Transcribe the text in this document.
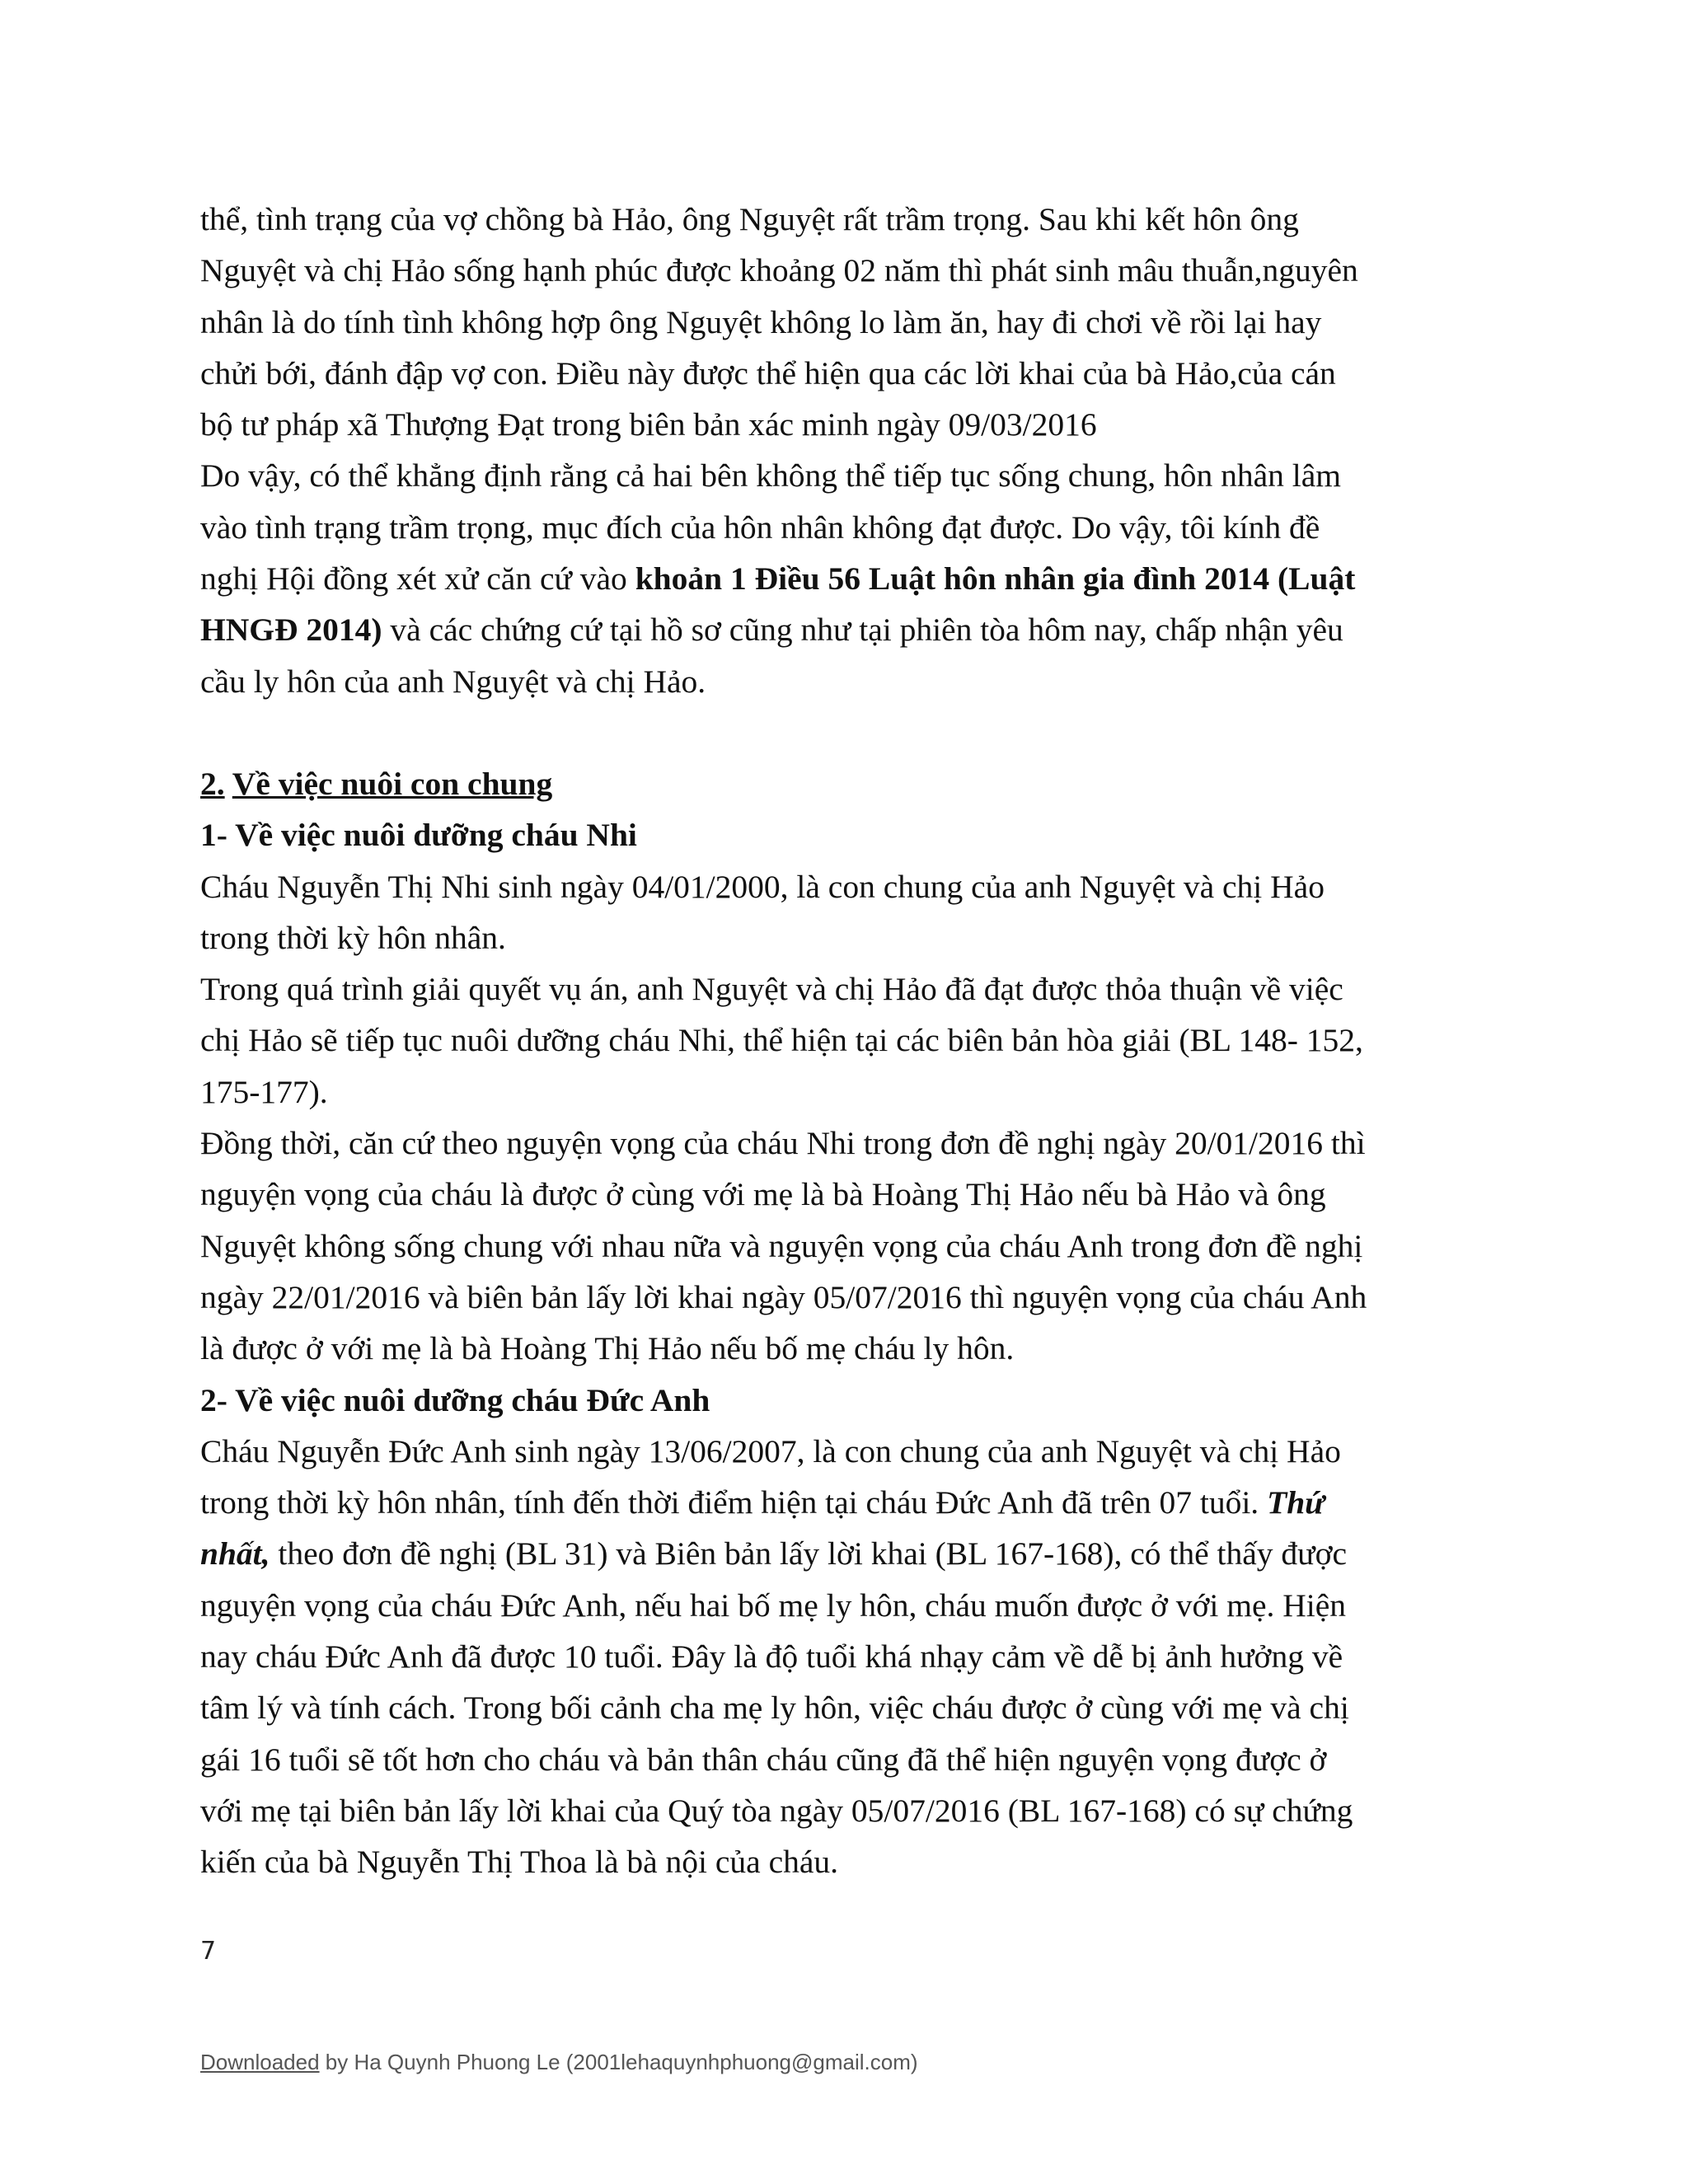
thể, tình trạng của vợ chồng bà Hảo, ông Nguyệt rất trầm trọng. Sau khi kết hôn ông
Nguyệt và chị Hảo sống hạnh phúc được khoảng 02 năm thì phát sinh mâu thuẫn,nguyên
nhân là do tính tình không hợp ông Nguyệt không lo làm ăn, hay đi chơi về rồi lại hay
chửi bới, đánh đập vợ con. Điều này được thể hiện qua các lời khai của bà Hảo,của cán
bộ tư pháp xã Thượng Đạt trong biên bản xác minh ngày 09/03/2016

Do vậy, có thể khẳng định rằng cả hai bên không thể tiếp tục sống chung, hôn nhân lâm
vào tình trạng trầm trọng, mục đích của hôn nhân không đạt được. Do vậy, tôi kính đề
nghị Hội đồng xét xử căn cứ vào khoản 1 Điều 56 Luật hôn nhân gia đình 2014 (Luật
HNGĐ 2014) và các chứng cứ tại hồ sơ cũng như tại phiên tòa hôm nay, chấp nhận yêu
cầu ly hôn của anh Nguyệt và chị Hảo.

2. Về việc nuôi con chung

1- Về việc nuôi dưỡng cháu Nhi

Cháu Nguyễn Thị Nhi sinh ngày 04/01/2000, là con chung của anh Nguyệt và chị Hảo
trong thời kỳ hôn nhân.

Trong quá trình giải quyết vụ án, anh Nguyệt và chị Hảo đã đạt được thỏa thuận về việc
chị Hảo sẽ tiếp tục nuôi dưỡng cháu Nhi, thể hiện tại các biên bản hòa giải (BL 148- 152,
175-177).

Đồng thời, căn cứ theo nguyện vọng của cháu Nhi trong đơn đề nghị ngày 20/01/2016 thì
nguyện vọng của cháu là được ở cùng với mẹ là bà Hoàng Thị Hảo nếu bà Hảo và ông
Nguyệt không sống chung với nhau nữa và nguyện vọng của cháu Anh trong đơn đề nghị
ngày 22/01/2016 và biên bản lấy lời khai ngày 05/07/2016 thì nguyện vọng của cháu Anh
là được ở với mẹ là bà Hoàng Thị Hảo nếu bố mẹ cháu ly hôn.

2- Về việc nuôi dưỡng cháu Đức Anh

Cháu Nguyễn Đức Anh sinh ngày 13/06/2007, là con chung của anh Nguyệt và chị Hảo
trong thời kỳ hôn nhân, tính đến thời điểm hiện tại cháu Đức Anh đã trên 07 tuổi. Thứ
nhất, theo đơn đề nghị (BL 31) và Biên bản lấy lời khai (BL 167-168), có thể thấy được
nguyện vọng của cháu Đức Anh, nếu hai bố mẹ ly hôn, cháu muốn được ở với mẹ. Hiện
nay cháu Đức Anh đã được 10 tuổi. Đây là độ tuổi khá nhạy cảm về dễ bị ảnh hưởng về
tâm lý và tính cách. Trong bối cảnh cha mẹ ly hôn, việc cháu được ở cùng với mẹ và chị
gái 16 tuổi sẽ tốt hơn cho cháu và bản thân cháu cũng đã thể hiện nguyện vọng được ở
với mẹ tại biên bản lấy lời khai của Quý tòa ngày 05/07/2016 (BL 167-168) có sự chứng
kiến của bà Nguyễn Thị Thoa là bà nội của cháu.

7
Downloaded by Ha Quynh Phuong Le (2001lehaquynhphuong@gmail.com)
